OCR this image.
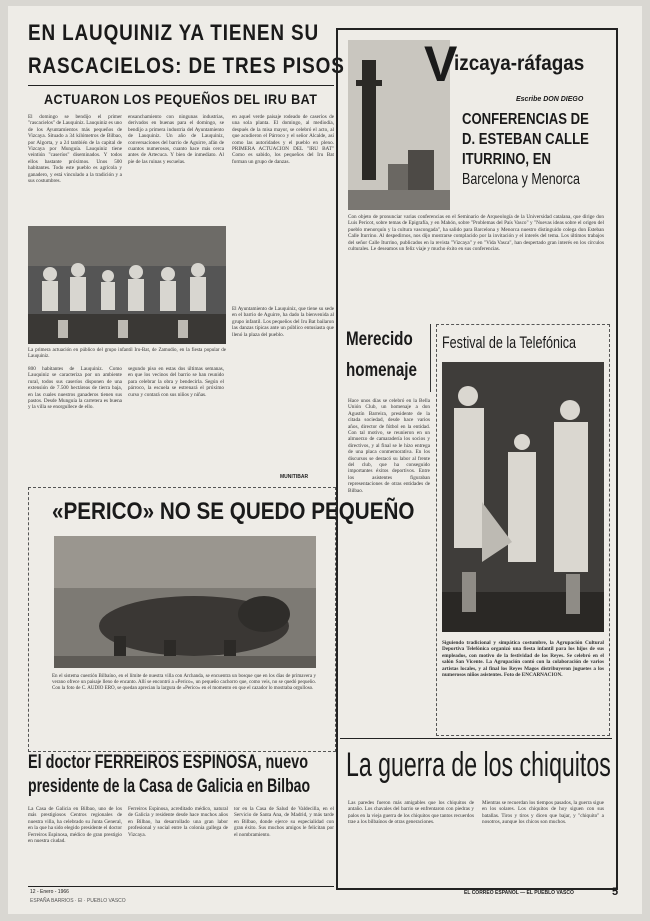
EN LAUQUINIZ YA TIENEN SU
RASCACIELOS: DE TRES PISOS
ACTUARON LOS PEQUEÑOS DEL IRU BAT
El domingo se bendijo el primer "rascacielos" de Lauquiniz. Lauquiniz es uno de los Ayuntamientos más pequeños de Vizcaya. Situado a 34 kilómetros de Bilbao, por Algorta, y a 24 también de la capital de Vizcaya por Munguía. Lauquiniz tiene veintiún "caseríos" diseminados. Y todos ellos bastante próximos. Unos 500 habitantes. Todo este pueblo es agrícola y ganadero, y está vinculado a la tradición y a sus costumbres.
ensanchamiento con ningunas industrias, derivados en buenas para el domingo, se bendijo a primera industria del Ayuntamiento de Lauquiniz. Un año de Lauquiniz, conversaciones del barrio de Aguirre, afán de cuantos numerosos, cuanto hace más cerca antes de Artecuca. Y bien de inmediato. Al pie de las ruinas y escuelas.
en aquel verde paisaje rodeado de caseríos de una sola planta. El domingo, al mediodía, después de la misa mayor, se celebró el acto, al que acudieron el Párroco y el señor Alcalde, así como las autoridades y el pueblo en pleno. PRIMERA ACTUACION DEL "IRU BAT" Como es sabido, los pequeños del Iru Bat forman un grupo de danzas.
La primera actuación en público del grupo infantil Iru-Bat, de Zamudio, en la fiesta popular de Lauquiniz.
800 habitantes de Lauquiniz. Como Lauquiniz se caracteriza por un ambiente rural, todos sus caseríos disponen de una extensión de 7.500 hectáreas de tierra baja, en las cuales nuestros ganaderos tienen sus pastos. Desde Munguía la carretera es buena y la villa se enorgullece de ello.
segundo piso en estas dos últimas semanas, en que los vecinos del barrio se han reunido para celebrar la obra y bendecirla. Según el párroco, la escuela se estrenará el próximo curso y contará con sus niños y niñas.
El Ayuntamiento de Lauquiniz, que tiene su sede en el barrio de Aguirre, ha dado la bienvenida al grupo infantil. Los pequeños del Iru Bat bailaron las danzas típicas ante un público entusiasta que llenó la plaza del pueblo.
MUNITIBAR
«PERICO» NO SE QUEDO PEQUEÑO
En el sistema cuestión Bilbaíno, en el límite de nuestra villa con Archanda, se encuentra un bosque que en los días de primavera y verano ofrece un paisaje lleno de encanto. Allí se encontró a «Perico», un pequeño cachorro que, como veis, no se quedó pequeño. Con la foto de C. AUDIO ERO, se quedan aprecian la largura de «Perico» en el momento en que el cazador lo mostraba orgulloso.
El doctor FERREIROS ESPINOSA, nuevo
presidente de la Casa de Galicia en Bilbao
La Casa de Galicia en Bilbao, uno de los más prestigiosos Centros regionales de nuestra villa, ha celebrado su Junta General, en la que ha sido elegido presidente el doctor Ferreiros Espinosa, médico de gran prestigio en nuestra ciudad.
Ferreiros Espinosa, acreditado médico, natural de Galicia y residente desde hace muchos años en Bilbao, ha desarrollado una gran labor profesional y social entre la colonia gallega de Vizcaya.
tor en la Casa de Salud de Valdecilla, en el Servicio de Santa Ana, de Madrid, y más tarde en Bilbao, donde ejerce su especialidad con gran éxito. Sus muchos amigos le felicitan por el nombramiento.
12 - Enero - 1966
ESPAÑA BARRIOS · El · PUEBLO VASCO
V
izcaya-ráfagas
Escribe DON DIEGO
CONFERENCIAS DE
D. ESTEBAN CALLE
ITURRINO, EN
Barcelona y Menorca
Con objeto de pronunciar varias conferencias en el Seminario de Arqueología de la Universidad catalana, que dirige don Luis Pericot, sobre temas de Epigrafía, y en Mahón, sobre "Problemas del País Vasco" y "Nuevas ideas sobre el origen del pueblo menorquín y la cultura vascongada", ha salido para Barcelona y Menorca nuestro distinguido colega don Esteban Calle Iturrino. Al despedirnos, nos dijo mostrarse complacido por la invitación y el interés del tema. Los últimos trabajos del señor Calle Iturrino, publicados en la revista "Vizcaya" y en "Vida Vasca", han despertado gran interés en los círculos culturales. Le deseamos un feliz viaje y mucho éxito en sus conferencias.
Merecido
homenaje
Hace unos días se celebró en la Bella Unión Club, un homenaje a don Agustín Barreira, presidente de la citada sociedad, desde hace varios años, director de fútbol en la entidad. Con tal motivo, se reunieron en un almuerzo de camaradería los socios y directivos, y al final se le hizo entrega de una placa conmemorativa. En los discursos se destacó su labor al frente del club, que ha conseguido importantes éxitos deportivos. Entre los asistentes figuraban representaciones de otras entidades de Bilbao.
Festival de la Telefónica
Siguiendo tradicional y simpática costumbre, la Agrupación Cultural Deportiva Telefónica organizó una fiesta infantil para los hijos de sus empleados, con motivo de la festividad de los Reyes. Se celebró en el salón San Vicente. La Agrupación contó con la colaboración de varios artistas locales, y al final los Reyes Magos distribuyeron juguetes a los numerosos niños asistentes. Foto de ENCARNACION.
La guerra de los chiquitos
Las paredes fueron más amigables que los chiquitos de antaño. Los chavales del barrio se enfrentaron con piedras y palos en la vieja guerra de los chiquitos que tantos recuerdos trae a los bilbaínos de otras generaciones.
Mientras se recuerdan los tiempos pasados, la guerra sigue en los solares. Los chiquitos de hoy siguen con sus batallas. Tiros y tiros y dicen que bajar, y "chiquito" a nosotros, aunque los chicos son muchos.
EL CORREO ESPAÑOL — EL PUEBLO VASCO	5
